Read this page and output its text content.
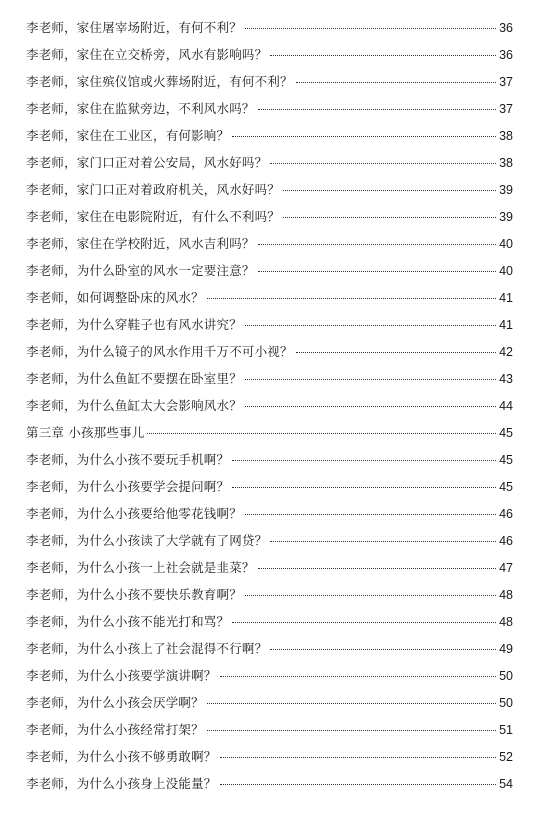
李老师，家住屠宰场附近，有何不利？	36
李老师，家住在立交桥旁，风水有影响吗？	36
李老师，家住殡仪馆或火葬场附近，有何不利？	37
李老师，家住在监狱旁边，不利风水吗？	37
李老师，家住在工业区，有何影响？	38
李老师，家门口正对着公安局，风水好吗？	38
李老师，家门口正对着政府机关，风水好吗？	39
李老师，家住在电影院附近，有什么不利吗？	39
李老师，家住在学校附近，风水吉利吗？	40
李老师，为什么卧室的风水一定要注意？	40
李老师，如何调整卧床的风水？	41
李老师，为什么穿鞋子也有风水讲究？	41
李老师，为什么镜子的风水作用千万不可小视？	42
李老师，为什么鱼缸不要摆在卧室里？	43
李老师，为什么鱼缸太大会影响风水？	44
第三章 小孩那些事儿	45
李老师，为什么小孩不要玩手机啊？	45
李老师，为什么小孩要学会提问啊？	45
李老师，为什么小孩要给他零花钱啊？	46
李老师，为什么小孩读了大学就有了网贷？	46
李老师，为什么小孩一上社会就是韭菜？	47
李老师，为什么小孩不要快乐教育啊？	48
李老师，为什么小孩不能光打和骂？	48
李老师，为什么小孩上了社会混得不行啊？	49
李老师，为什么小孩要学演讲啊？	50
李老师，为什么小孩会厌学啊？	50
李老师，为什么小孩经常打架？	51
李老师，为什么小孩不够勇敢啊？	52
李老师，为什么小孩身上没能量？	54
